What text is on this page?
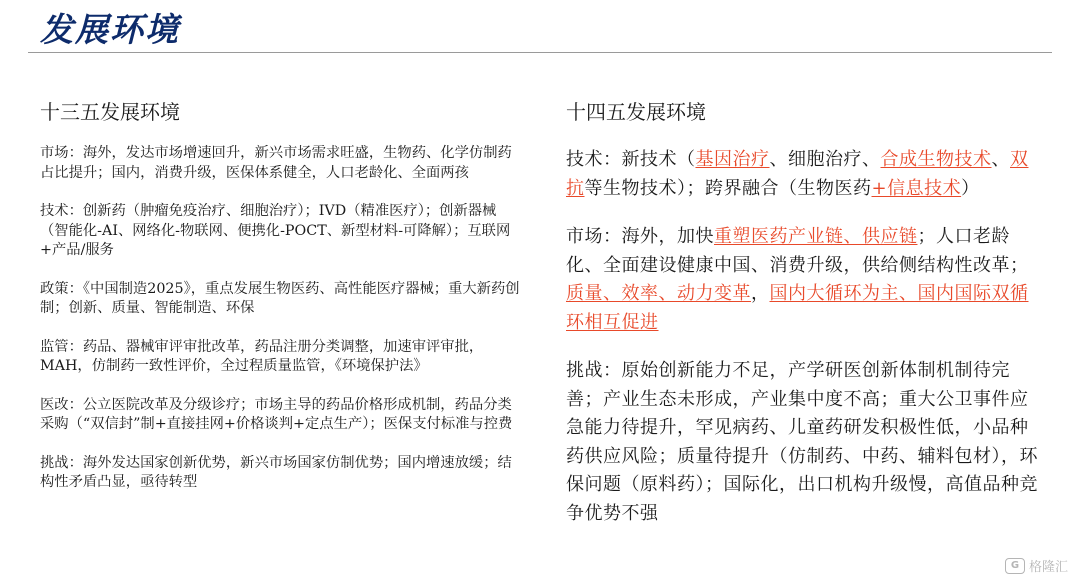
发展环境
十三五发展环境

市场：海外，发达市场增速回升，新兴市场需求旺盛，生物药、化学仿制药占比提升；国内，消费升级，医保体系健全，人口老龄化、全面两孩

技术：创新药（肿瘤免疫治疗、细胞治疗）；IVD（精准医疗）；创新器械（智能化-AI、网络化-物联网、便携化-POCT、新型材料-可降解）；互联网+产品/服务

政策：《中国制造2025》，重点发展生物医药、高性能医疗器械；重大新药创制；创新、质量、智能制造、环保

监管：药品、器械审评审批改革，药品注册分类调整，加速审评审批，MAH，仿制药一致性评价，全过程质量监管，《环境保护法》

医改：公立医院改革及分级诊疗；市场主导的药品价格形成机制，药品分类采购（“双信封”制+直接挂网+价格谈判+定点生产）；医保支付标准与控费

挑战：海外发达国家创新优势，新兴市场国家仿制优势；国内增速放缓；结构性矛盾凸显，亟待转型

十四五发展环境

技术：新技术（基因治疗、细胞治疗、合成生物技术、双抗等生物技术）；跨界融合（生物医药+信息技术）

市场：海外，加快重塑医药产业链、供应链；人口老龄化、全面建设健康中国、消费升级，供给侧结构性改革；质量、效率、动力变革，国内大循环为主、国内国际双循环相互促进

挑战：原始创新能力不足，产学研医创新体制机制待完善；产业生态未形成，产业集中度不高；重大公卫事件应急能力待提升，罕见病药、儿童药研发积极性低，小品种药供应风险；质量待提升（仿制药、中药、辅料包材），环保问题（原料药）；国际化，出口机构升级慢，高值品种竞争优势不强

G 格隆汇
